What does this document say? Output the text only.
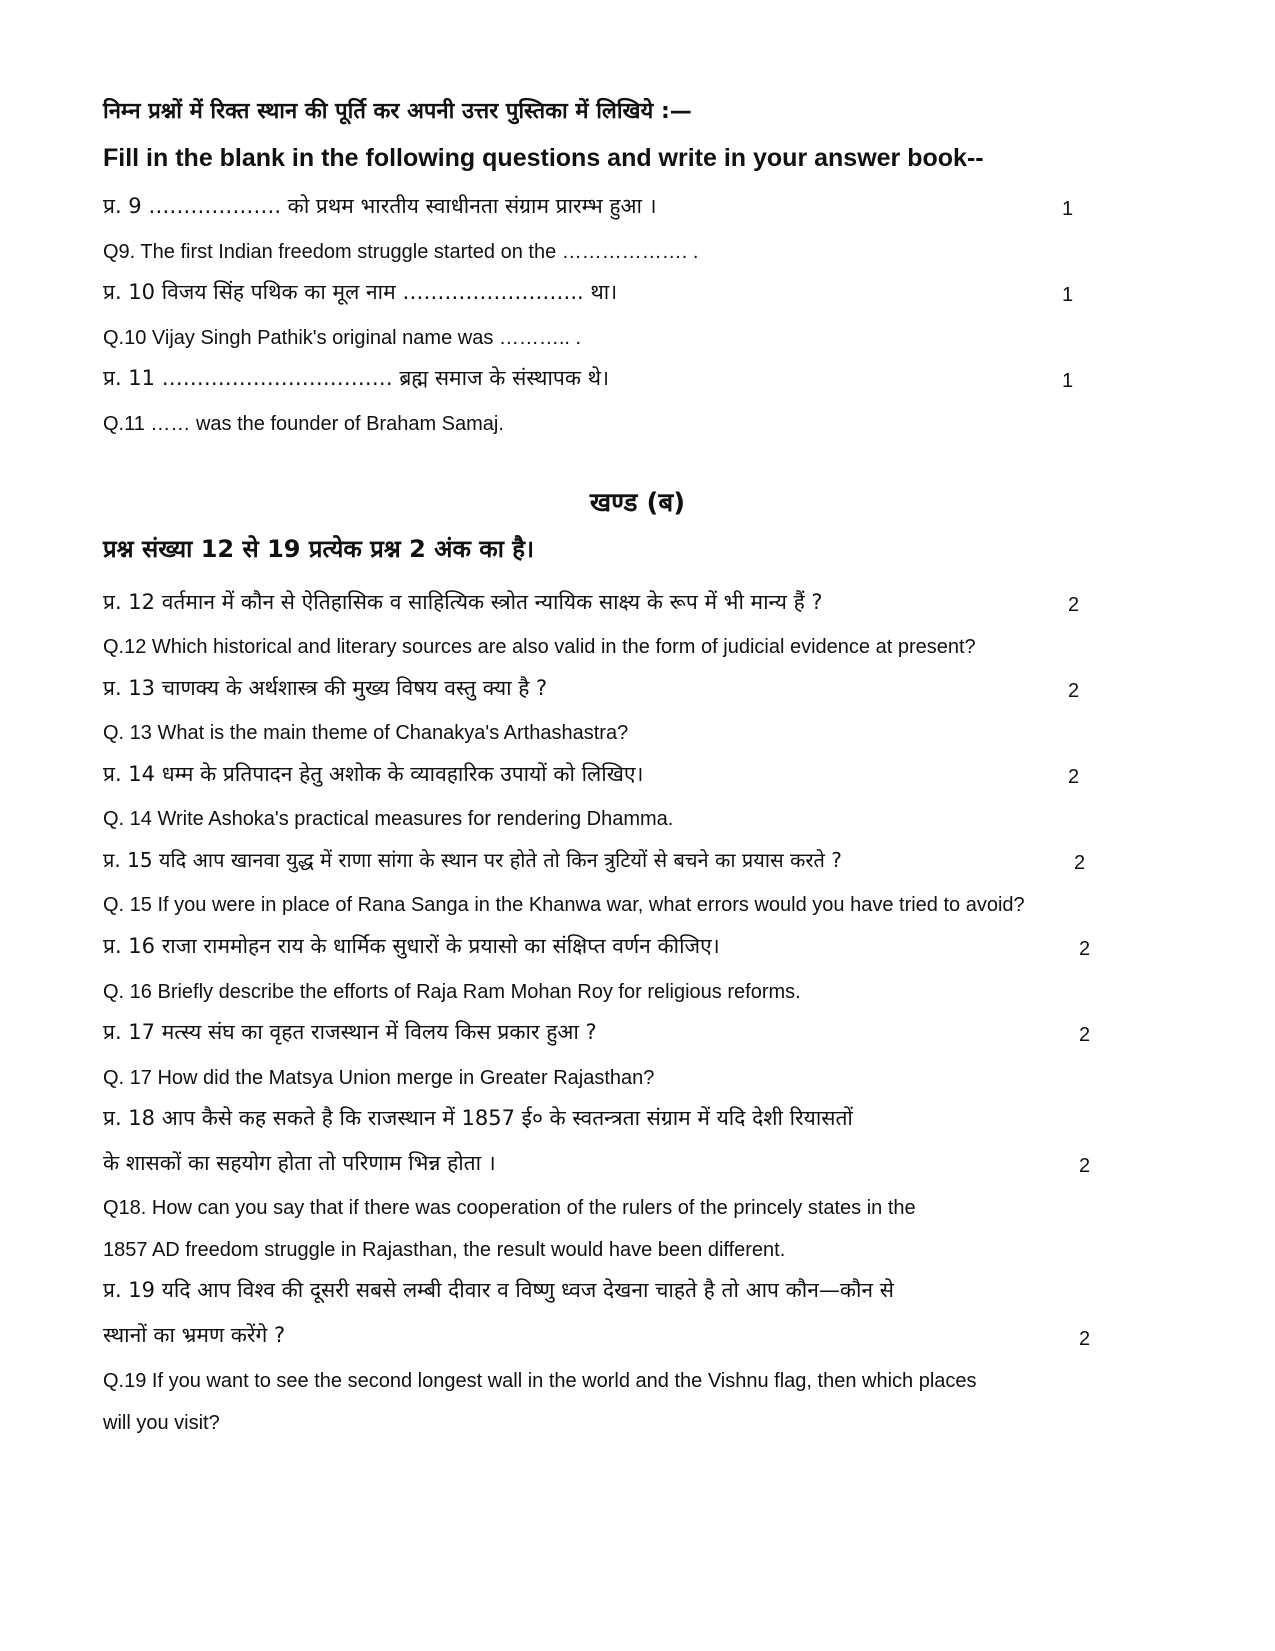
निम्न प्रश्नों में रिक्त स्थान की पूर्ति कर अपनी उत्तर पुस्तिका में लिखिये :—
Fill in the blank in the following questions and write in your answer book--
प्र. 9 ………………. को प्रथम भारतीय स्वाधीनता संग्राम प्रारम्भ हुआ ।	1
Q9. The first Indian freedom struggle started on the ………………. .
प्र. 10 विजय सिंह पथिक का मूल नाम …………………….. था।	1
Q.10 Vijay Singh Pathik's original name was ……….. .
प्र. 11 …………………………… ब्रह्म समाज के संस्थापक थे।	1
Q.11 …… was the founder of Braham Samaj.
खण्ड (ब)
प्रश्न संख्या 12 से 19 प्रत्येक प्रश्न 2 अंक का है।
प्र. 12 वर्तमान में कौन से ऐतिहासिक व साहित्यिक स्त्रोत न्यायिक साक्ष्य के रूप में भी मान्य हैं ?	2
Q.12 Which historical and literary sources are also valid in the form of judicial evidence at present?
प्र. 13 चाणक्य के अर्थशास्त्र की मुख्य विषय वस्तु क्या है ?	2
Q. 13 What is the main theme of Chanakya's Arthashastra?
प्र. 14 धम्म के प्रतिपादन हेतु अशोक के व्यावहारिक उपायों को लिखिए।	2
Q. 14 Write Ashoka's practical measures for rendering Dhamma.
प्र. 15 यदि आप खानवा युद्ध में राणा सांगा के स्थान पर होते तो किन त्रुटियों से बचने का प्रयास करते ?	2
Q. 15 If you were in place of Rana Sanga in the Khanwa war, what errors would you have tried to avoid?
प्र. 16 राजा राममोहन राय के धार्मिक सुधारों के प्रयासो का संक्षिप्त वर्णन कीजिए।	2
Q. 16 Briefly describe the efforts of Raja Ram Mohan Roy for religious reforms.
प्र. 17 मत्स्य संघ का वृहत राजस्थान में विलय किस प्रकार हुआ ?	2
Q. 17 How did the Matsya Union merge in Greater Rajasthan?
प्र. 18 आप कैसे कह सकते है कि राजस्थान में 1857 ई० के स्वतन्त्रता संग्राम में यदि देशी रियासतों
के शासकों का सहयोग होता तो परिणाम भिन्न होता ।	2
Q18. How can you say that if there was cooperation of the rulers of the princely states in the
1857 AD freedom struggle in Rajasthan, the result would have been different.
प्र. 19 यदि आप विश्व की दूसरी सबसे लम्बी दीवार व विष्णु ध्वज देखना चाहते है तो आप कौन—कौन से
स्थानों का भ्रमण करेंगे ?	2
Q.19 If you want to see the second longest wall in the world and the Vishnu flag, then which places
will you visit?
